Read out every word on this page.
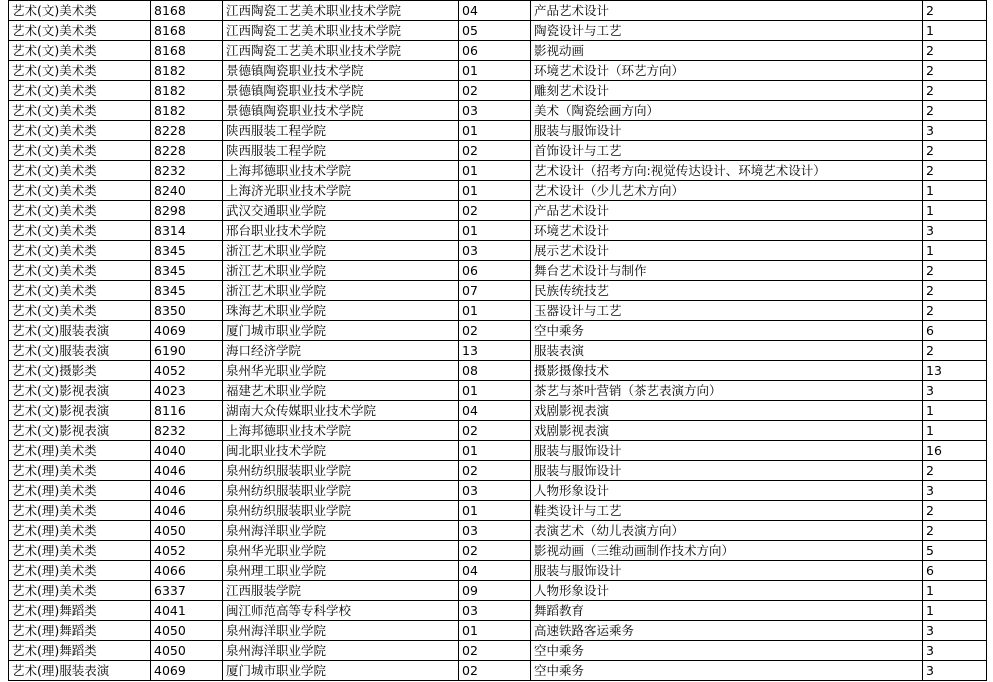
艺术(文)美术类	8168	江西陶瓷工艺美术职业技术学院	04	产品艺术设计	2
艺术(文)美术类	8168	江西陶瓷工艺美术职业技术学院	05	陶瓷设计与工艺	1
艺术(文)美术类	8168	江西陶瓷工艺美术职业技术学院	06	影视动画	2
艺术(文)美术类	8182	景德镇陶瓷职业技术学院	01	环境艺术设计（环艺方向）	2
艺术(文)美术类	8182	景德镇陶瓷职业技术学院	02	雕刻艺术设计	2
艺术(文)美术类	8182	景德镇陶瓷职业技术学院	03	美术（陶瓷绘画方向）	2
艺术(文)美术类	8228	陕西服装工程学院	01	服装与服饰设计	3
艺术(文)美术类	8228	陕西服装工程学院	02	首饰设计与工艺	2
艺术(文)美术类	8232	上海邦德职业技术学院	01	艺术设计（招考方向:视觉传达设计、环境艺术设计）	2
艺术(文)美术类	8240	上海济光职业技术学院	01	艺术设计（少儿艺术方向）	1
艺术(文)美术类	8298	武汉交通职业学院	02	产品艺术设计	1
艺术(文)美术类	8314	邢台职业技术学院	01	环境艺术设计	3
艺术(文)美术类	8345	浙江艺术职业学院	03	展示艺术设计	1
艺术(文)美术类	8345	浙江艺术职业学院	06	舞台艺术设计与制作	2
艺术(文)美术类	8345	浙江艺术职业学院	07	民族传统技艺	2
艺术(文)美术类	8350	珠海艺术职业学院	01	玉器设计与工艺	2
艺术(文)服装表演	4069	厦门城市职业学院	02	空中乘务	6
艺术(文)服装表演	6190	海口经济学院	13	服装表演	2
艺术(文)摄影类	4052	泉州华光职业学院	08	摄影摄像技术	13
艺术(文)影视表演	4023	福建艺术职业学院	01	茶艺与茶叶营销（茶艺表演方向）	3
艺术(文)影视表演	8116	湖南大众传媒职业技术学院	04	戏剧影视表演	1
艺术(文)影视表演	8232	上海邦德职业技术学院	02	戏剧影视表演	1
艺术(理)美术类	4040	闽北职业技术学院	01	服装与服饰设计	16
艺术(理)美术类	4046	泉州纺织服装职业学院	02	服装与服饰设计	2
艺术(理)美术类	4046	泉州纺织服装职业学院	03	人物形象设计	3
艺术(理)美术类	4046	泉州纺织服装职业学院	01	鞋类设计与工艺	2
艺术(理)美术类	4050	泉州海洋职业学院	03	表演艺术（幼儿表演方向）	2
艺术(理)美术类	4052	泉州华光职业学院	02	影视动画（三维动画制作技术方向）	5
艺术(理)美术类	4066	泉州理工职业学院	04	服装与服饰设计	6
艺术(理)美术类	6337	江西服装学院	09	人物形象设计	1
艺术(理)舞蹈类	4041	闽江师范高等专科学校	03	舞蹈教育	1
艺术(理)舞蹈类	4050	泉州海洋职业学院	01	高速铁路客运乘务	3
艺术(理)舞蹈类	4050	泉州海洋职业学院	02	空中乘务	3
艺术(理)服装表演	4069	厦门城市职业学院	02	空中乘务	3
